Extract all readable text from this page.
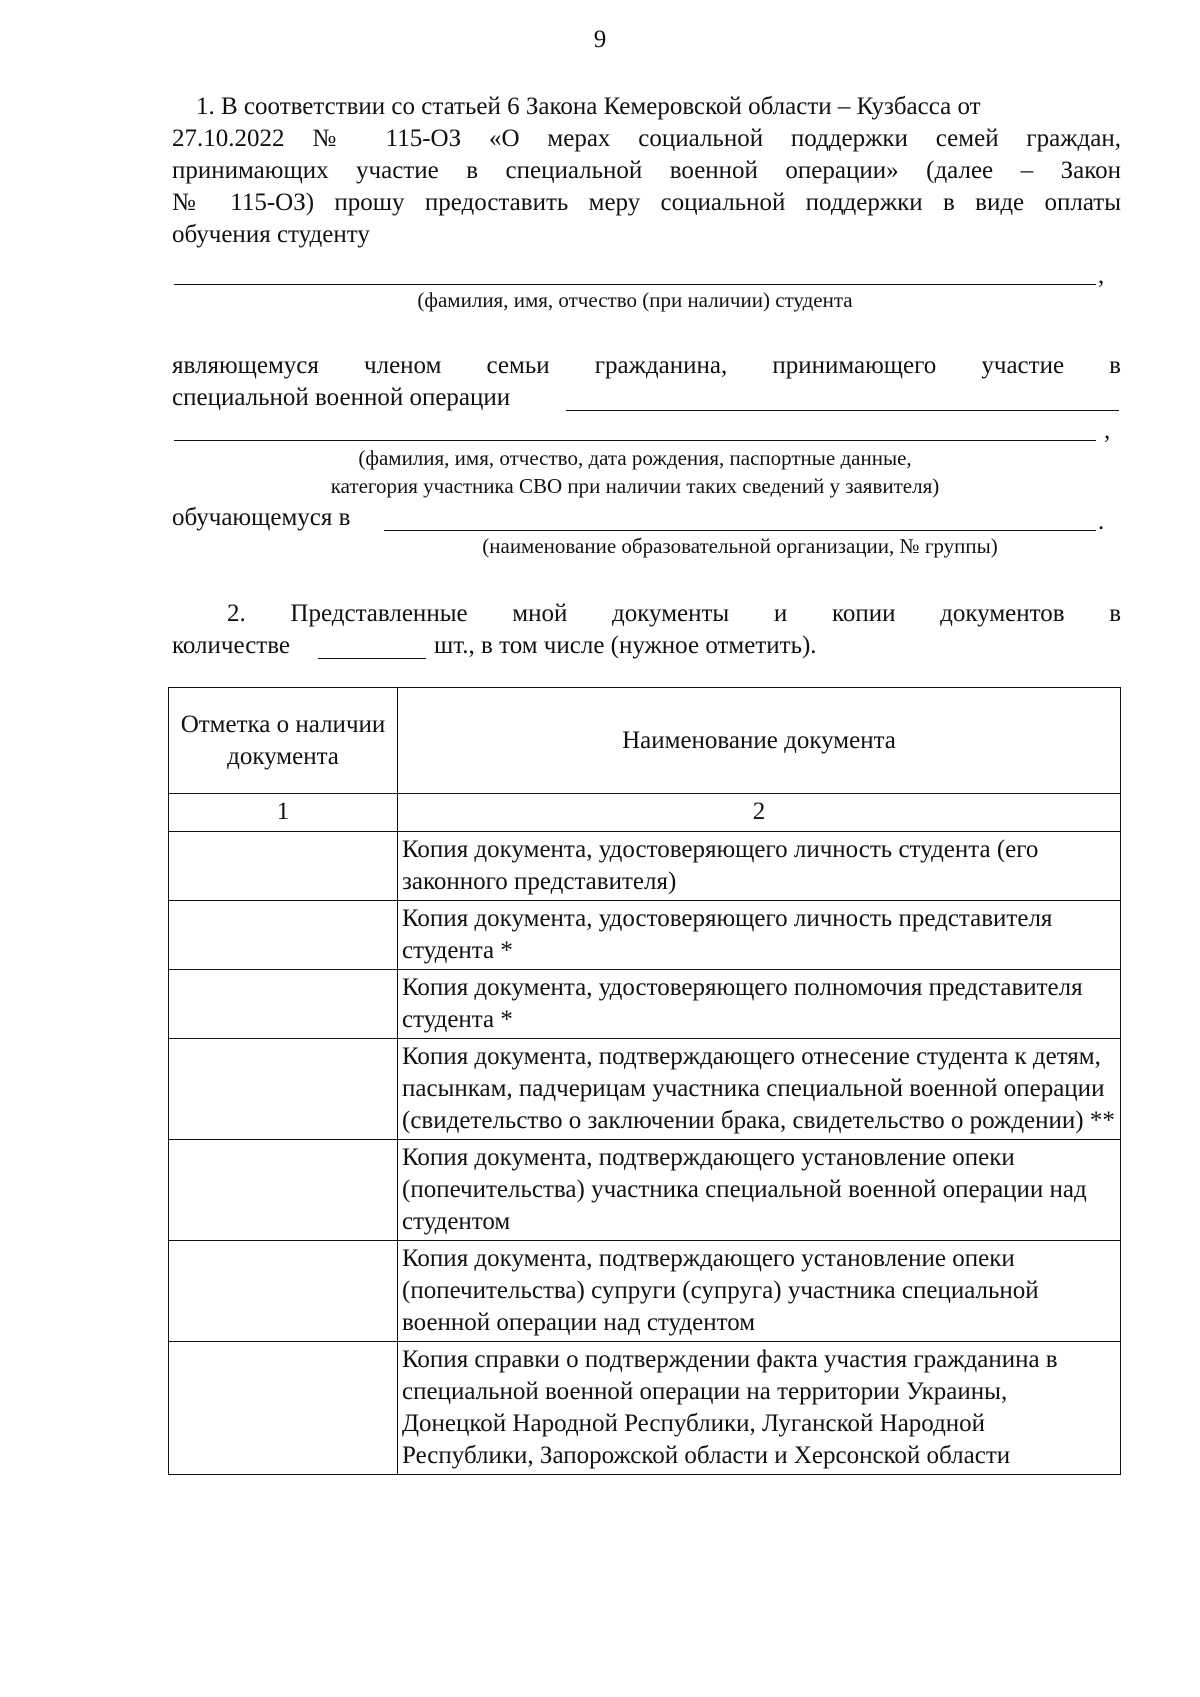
9
1. В соответствии со статьей 6 Закона Кемеровской области – Кузбасса от
27.10.2022 № 115-ОЗ «О мерах социальной поддержки семей граждан,
принимающих участие в специальной военной операции» (далее – Закон
№ 115-ОЗ) прошу предоставить меру социальной поддержки в виде оплаты
обучения студенту
,
(фамилия, имя, отчество (при наличии) студента
являющемуся членом семьи гражданина, принимающего участие в
специальной военной операции
,
(фамилия, имя, отчество, дата рождения, паспортные данные,
категория участника СВО при наличии таких сведений у заявителя)
обучающемуся в	.
(наименование образовательной организации, № группы)
2. Представленные мной документы и копии документов в
количестве	шт., в том числе (нужное отметить).
Отметка о наличии документа	Наименование документа
1	2
	Копия документа, удостоверяющего личность студента (его законного представителя)
	Копия документа, удостоверяющего личность представителя студента *
	Копия документа, удостоверяющего полномочия представителя студента *
	Копия документа, подтверждающего отнесение студента к детям, пасынкам, падчерицам участника специальной военной операции (свидетельство о заключении брака, свидетельство о рождении) **
	Копия документа, подтверждающего установление опеки (попечительства) участника специальной военной операции над студентом
	Копия документа, подтверждающего установление опеки (попечительства) супруги (супруга) участника специальной военной операции над студентом
	Копия справки о подтверждении факта участия гражданина в специальной военной операции на территории Украины, Донецкой Народной Республики, Луганской Народной Республики, Запорожской области и Херсонской области
